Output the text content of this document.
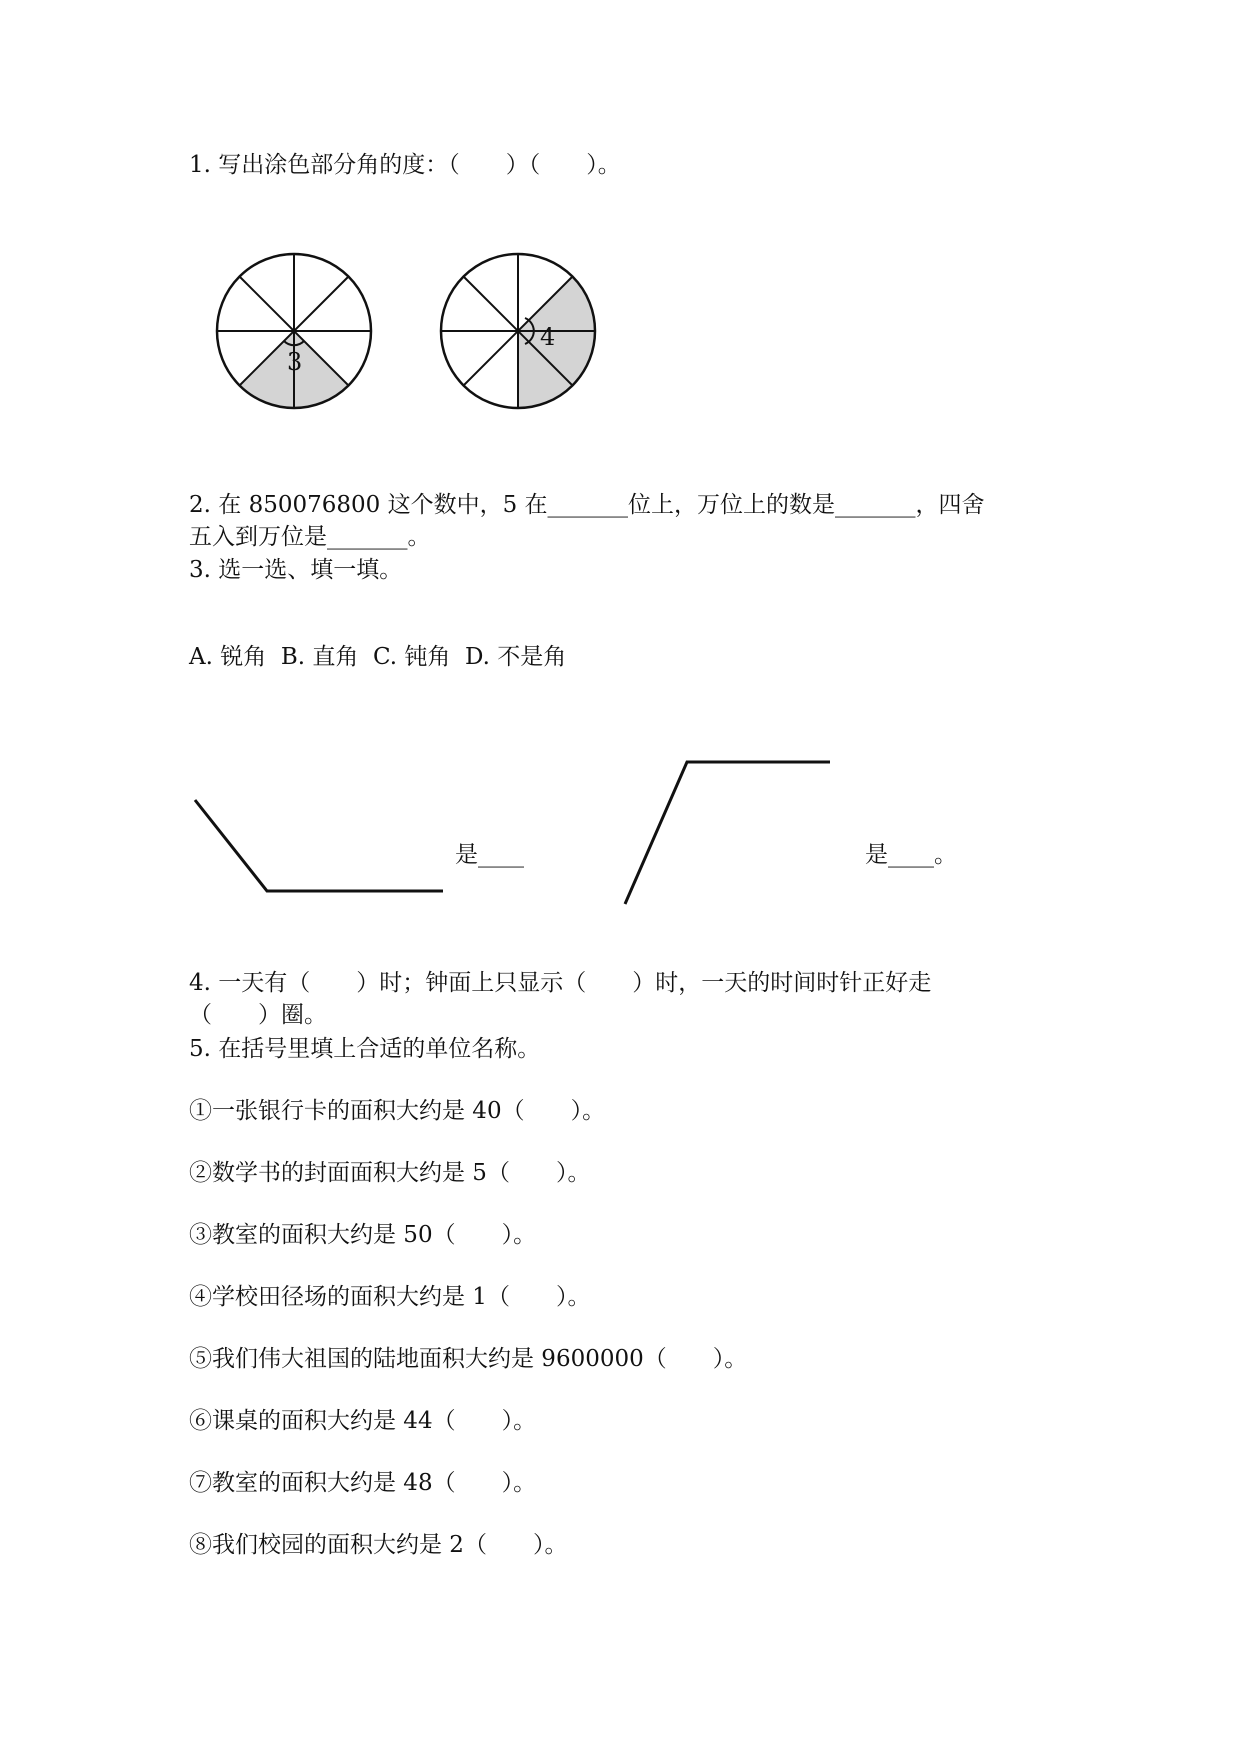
1. 写出涂色部分角的度：（　　）（　　）。
3
4
2. 在 850076800 这个数中，5 在_______位上，万位上的数是_______，四舍
五入到万位是_______。
3. 选一选、填一填。
A. 锐角  B. 直角  C. 钝角  D. 不是角
是____	是____。
4. 一天有（　　）时；钟面上只显示（　　）时，一天的时间时针正好走
（　　）圈。
5. 在括号里填上合适的单位名称。
①一张银行卡的面积大约是 40（　　）。
②数学书的封面面积大约是 5（　　）。
③教室的面积大约是 50（　　）。
④学校田径场的面积大约是 1（　　）。
⑤我们伟大祖国的陆地面积大约是 9600000（　　）。
⑥课桌的面积大约是 44（　　）。
⑦教室的面积大约是 48（　　）。
⑧我们校园的面积大约是 2（　　）。
